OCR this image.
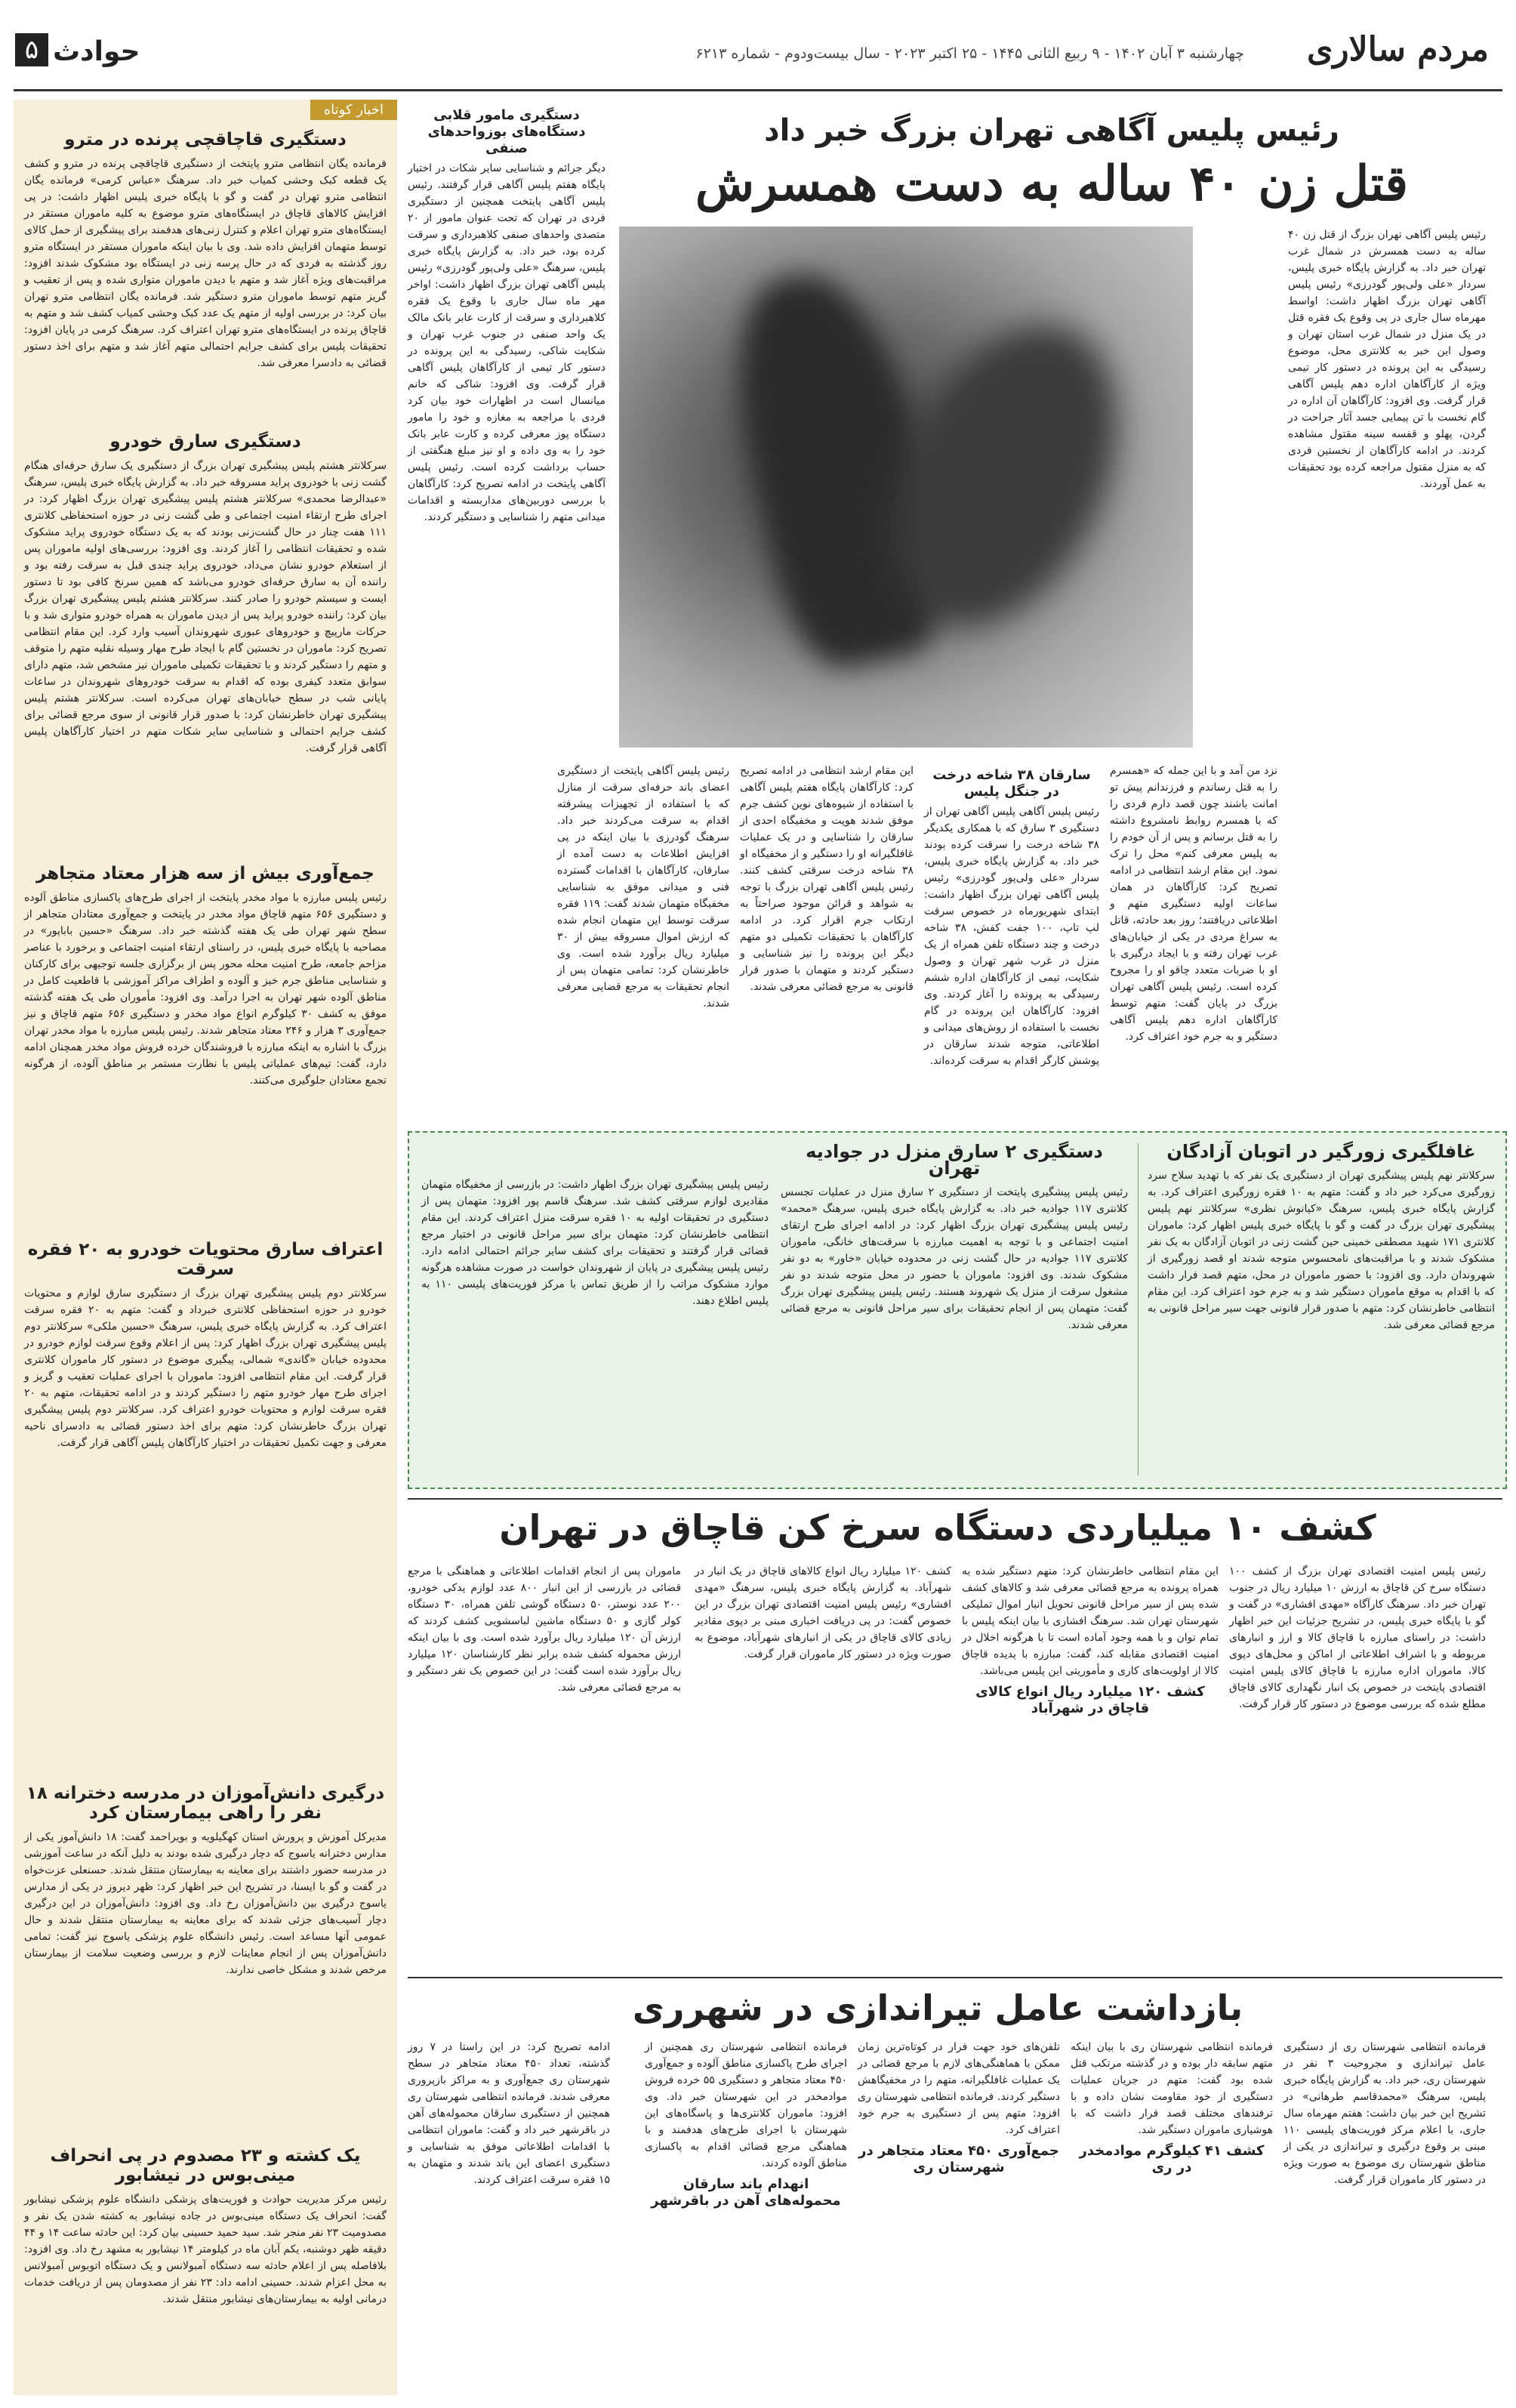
مردم سالاری
چهارشنبه ۳ آبان ۱۴۰۲ - ۹ ربیع الثانی ۱۴۴۵ - ۲۵ اکتبر ۲۰۲۳ - سال بیست‌ودوم - شماره ۶۲۱۳
حوادث
۵
اخبار کوتاه
دستگیری قاچاقچی پرنده در مترو
فرمانده یگان انتظامی مترو پایتخت از دستگیری قاچاقچی پرنده در مترو و کشف یک قطعه کبک وحشی کمیاب خبر داد. سرهنگ «عباس کرمی» فرمانده یگان انتظامی مترو تهران در گفت و گو با پایگاه خبری پلیس اظهار داشت: در پی افزایش کالاهای قاچاق در ایستگاه‌های مترو موضوع به کلیه ماموران مستقر در ایستگاه‌های مترو تهران اعلام و کنترل زنی‌های هدفمند برای پیشگیری از حمل کالای توسط متهمان افزایش داده شد. وی با بیان اینکه ماموران مستقر در ایستگاه مترو روز گذشته به فردی که در حال پرسه زنی در ایستگاه بود مشکوک شدند افزود: مراقبت‌های ویژه آغاز شد و متهم با دیدن ماموران متواری شده و پس از تعقیب و گریز متهم توسط ماموران مترو دستگیر شد. فرمانده یگان انتظامی مترو تهران بیان کرد: در بررسی اولیه از متهم یک عدد کبک وحشی کمیاب کشف شد و متهم به قاچاق پرنده در ایستگاه‌های مترو تهران اعتراف کرد. سرهنگ کرمی در پایان افزود: تحقیقات پلیس برای کشف جرایم احتمالی متهم آغاز شد و متهم برای اخذ دستور قضائی به دادسرا معرفی شد.
دستگیری سارق خودرو
سرکلانتر هشتم پلیس پیشگیری تهران بزرگ از دستگیری یک سارق حرفه‌ای هنگام گشت زنی با خودروی پراید مسروقه خبر داد. به گزارش پایگاه خبری پلیس، سرهنگ «عبدالرضا محمدی» سرکلانتر هشتم پلیس پیشگیری تهران بزرگ اظهار کرد: در اجرای طرح ارتقاء امنیت اجتماعی و طی گشت زنی در حوزه استحفاظی کلانتری ۱۱۱ هفت چنار در حال گشت‌زنی بودند که به یک دستگاه خودروی پراید مشکوک شده و تحقیقات انتظامی را آغاز کردند. وی افزود: بررسی‌های اولیه ماموران پس از استعلام خودرو نشان می‌داد، خودروی پراید چندی قبل به سرقت رفته بود و راننده آن به سارق حرفه‌ای خودرو می‌باشد که همین سرنخ کافی بود تا دستور ایست و سیستم خودرو را صادر کنند. سرکلانتر هشتم پلیس پیشگیری تهران بزرگ بیان کرد: راننده خودرو پراید پس از دیدن ماموران به همراه خودرو متواری شد و با حرکات مارپیچ و خودروهای عبوری شهروندان آسیب وارد کرد. این مقام انتظامی تصریح کرد: ماموران در نخستین گام با ایجاد طرح مهار وسیله نقلیه متهم را متوقف و متهم را دستگیر کردند و با تحقیقات تکمیلی ماموران نیز مشخص شد، متهم دارای سوابق متعدد کیفری بوده که اقدام به سرقت خودروهای شهروندان در ساعات پایانی شب در سطح خیابان‌های تهران می‌کرده است. سرکلانتر هشتم پلیس پیشگیری تهران خاطرنشان کرد: با صدور قرار قانونی از سوی مرجع قضائی برای کشف جرایم احتمالی و شناسایی سایر شکات متهم در اختیار کارآگاهان پلیس آگاهی قرار گرفت.
جمع‌آوری بیش از سه هزار معتاد متجاهر
رئیس پلیس مبارزه با مواد مخدر پایتخت از اجرای طرح‌های پاکسازی مناطق آلوده و دستگیری ۶۵۶ متهم قاچاق مواد مخدر در پایتخت و جمع‌آوری معتادان متجاهر از سطح شهر تهران طی یک هفته گذشته خبر داد. سرهنگ «حسین باباپور» در مصاحبه با پایگاه خبری پلیس، در راستای ارتقاء امنیت اجتماعی و برخورد با عناصر مزاحم جامعه، طرح امنیت محله محور پس از برگزاری جلسه توجیهی برای کارکنان و شناسایی مناطق جرم خیز و آلوده و اطراف مراکز آموزشی با قاطعیت کامل در مناطق آلوده شهر تهران به اجرا درآمد. وی افزود: مأموران طی یک هفته گذشته موفق به کشف ۳۰ کیلوگرم انواع مواد مخدر و دستگیری ۶۵۶ متهم قاچاق و نیز جمع‌آوری ۳ هزار و ۲۴۶ معتاد متجاهر شدند. رئیس پلیس مبارزه با مواد مخدر تهران بزرگ با اشاره به اینکه مبارزه با فروشندگان خرده فروش مواد مخدر همچنان ادامه دارد، گفت: تیم‌های عملیاتی پلیس با نظارت مستمر بر مناطق آلوده، از هرگونه تجمع معتادان جلوگیری می‌کنند.
اعتراف سارق محتویات خودرو به ۲۰ فقره سرقت
سرکلانتر دوم پلیس پیشگیری تهران بزرگ از دستگیری سارق لوازم و محتویات خودرو در حوزه استحفاظی کلانتری خبرداد و گفت: متهم به ۲۰ فقره سرقت اعتراف کرد. به گزارش پایگاه خبری پلیس، سرهنگ «حسین ملکی» سرکلانتر دوم پلیس پیشگیری تهران بزرگ اظهار کرد: پس از اعلام وقوع سرقت لوازم خودرو در محدوده خیابان «گاندی» شمالی، پیگیری موضوع در دستور کار ماموران کلانتری قرار گرفت. این مقام انتظامی افزود: ماموران با اجرای عملیات تعقیب و گریز و اجرای طرح مهار خودرو متهم را دستگیر کردند و در ادامه تحقیقات، متهم به ۲۰ فقره سرقت لوازم و محتویات خودرو اعتراف کرد. سرکلانتر دوم پلیس پیشگیری تهران بزرگ خاطرنشان کرد: متهم برای اخذ دستور قضائی به دادسرای ناحیه معرفی و جهت تکمیل تحقیقات در اختیار کارآگاهان پلیس آگاهی قرار گرفت.
درگیری دانش‌آموزان در مدرسه دخترانه ۱۸ نفر را راهی بیمارستان کرد
مدیرکل آموزش و پرورش استان کهگیلویه و بویراحمد گفت: ۱۸ دانش‌آموز یکی از مدارس دخترانه یاسوج که دچار درگیری شده بودند به دلیل آنکه در ساعت آموزشی در مدرسه حضور داشتند برای معاینه به بیمارستان منتقل شدند. حسنعلی عزت‌خواه در گفت و گو با ایسنا، در تشریح این خبر اظهار کرد: ظهر دیروز در یکی از مدارس یاسوج درگیری بین دانش‌آموزان رخ داد. وی افزود: دانش‌آموزان در این درگیری دچار آسیب‌های جزئی شدند که برای معاینه به بیمارستان منتقل شدند و حال عمومی آنها مساعد است. رئیس دانشگاه علوم پزشکی یاسوج نیز گفت: تمامی دانش‌آموزان پس از انجام معاینات لازم و بررسی وضعیت سلامت از بیمارستان مرخص شدند و مشکل خاصی ندارند.
یک کشته و ۲۳ مصدوم در پی انحراف مینی‌بوس در نیشابور
رئیس مرکز مدیریت حوادث و فوریت‌های پزشکی دانشگاه علوم پزشکی نیشابور گفت: انحراف یک دستگاه مینی‌بوس در جاده نیشابور به کشته شدن یک نفر و مصدومیت ۲۳ نفر منجر شد. سید حمید حسینی بیان کرد: این حادثه ساعت ۱۴ و ۴۴ دقیقه ظهر دوشنبه، یکم آبان ماه در کیلومتر ۱۴ نیشابور به مشهد رخ داد. وی افزود: بلافاصله پس از اعلام حادثه سه دستگاه آمبولانس و یک دستگاه اتوبوس آمبولانس به محل اعزام شدند. حسینی ادامه داد: ۲۳ نفر از مصدومان پس از دریافت خدمات درمانی اولیه به بیمارستان‌های نیشابور منتقل شدند.
رئیس پلیس آگاهی تهران بزرگ خبر داد
قتل زن ۴۰ ساله به دست همسرش
رئیس پلیس آگاهی تهران بزرگ از قتل زن ۴۰ ساله به دست همسرش در شمال غرب تهران خبر داد. به گزارش پایگاه خبری پلیس، سردار «علی ولی‌پور گودرزی» رئیس پلیس آگاهی تهران بزرگ اظهار داشت: اواسط مهرماه سال جاری در پی وقوع یک فقره قتل در یک منزل در شمال غرب استان تهران و وصول این خبر به کلانتری محل، موضوع رسیدگی به این پرونده در دستور کار تیمی ویژه از کارآگاهان اداره دهم پلیس آگاهی قرار گرفت. وی افزود: کارآگاهان آن اداره در گام نخست با تن پیمایی جسد آثار جراحت در گردن، پهلو و قفسه سینه مقتول مشاهده کردند. در ادامه کارآگاهان از نخستین فردی که به منزل مقتول مراجعه کرده بود تحقیقات به عمل آوردند.
نزد من آمد و با این جمله که «همسرم را به قتل رساندم و فرزندانم پیش تو امانت باشند چون قصد دارم فردی را که با همسرم روابط نامشروع داشته را به قتل برسانم و پس از آن خودم را به پلیس معرفی کنم» محل را ترک نمود. این مقام ارشد انتظامی در ادامه تصریح کرد: کارآگاهان در همان ساعات اولیه دستگیری متهم و اطلاعاتی دریافتند؛ روز بعد حادثه، قاتل به سراغ مردی در یکی از خیابان‌های غرب تهران رفته و با ایجاد درگیری با او با ضربات متعدد چاقو او را مجروح کرده است. رئیس پلیس آگاهی تهران بزرگ در پایان گفت: متهم توسط کارآگاهان اداره دهم پلیس آگاهی دستگیر و به جرم خود اعتراف کرد.
سارقان ۳۸ شاخه درخت در جنگل پلیس
رئیس پلیس آگاهی پلیس آگاهی تهران از دستگیری ۳ سارق که با همکاری یکدیگر ۳۸ شاخه درخت را سرقت کرده بودند خبر داد. به گزارش پایگاه خبری پلیس، سردار «علی ولی‌پور گودرزی» رئیس پلیس آگاهی تهران بزرگ اظهار داشت: ابتدای شهریورماه در خصوص سرقت لپ تاپ، ۱۰۰ جفت کفش، ۳۸ شاخه درخت و چند دستگاه تلفن همراه از یک منزل در غرب شهر تهران و وصول شکایت، تیمی از کارآگاهان اداره ششم رسیدگی به پرونده را آغاز کردند. وی افزود: کارآگاهان این پرونده در گام نخست با استفاده از روش‌های میدانی و اطلاعاتی، متوجه شدند سارقان در پوشش کارگر اقدام به سرقت کرده‌اند.
این مقام ارشد انتظامی در ادامه تصریح کرد: کارآگاهان پایگاه هفتم پلیس آگاهی با استفاده از شیوه‌های نوین کشف جرم موفق شدند هویت و مخفیگاه احدی از سارقان را شناسایی و در یک عملیات غافلگیرانه او را دستگیر و از مخفیگاه او ۳۸ شاخه درخت سرقتی کشف کنند. رئیس پلیس آگاهی تهران بزرگ با توجه به شواهد و قرائن موجود صراحتاً به ارتکاب جرم اقرار کرد. در ادامه کارآگاهان با تحقیقات تکمیلی دو متهم دیگر این پرونده را نیز شناسایی و دستگیر کردند و متهمان با صدور قرار قانونی به مرجع قضائی معرفی شدند.
رئیس پلیس آگاهی پایتخت از دستگیری اعضای باند حرفه‌ای سرقت از منازل که با استفاده از تجهیزات پیشرفته اقدام به سرقت می‌کردند خبر داد. سرهنگ گودرزی با بیان اینکه در پی افزایش اطلاعات به دست آمده از سارقان، کارآگاهان با اقدامات گسترده فنی و میدانی موفق به شناسایی مخفیگاه متهمان شدند گفت: ۱۱۹ فقره سرقت توسط این متهمان انجام شده که ارزش اموال مسروقه بیش از ۳۰ میلیارد ریال برآورد شده است. وی خاطرنشان کرد: تمامی متهمان پس از انجام تحقیقات به مرجع قضایی معرفی شدند.
دستگیری مامور قلابی دستگاه‌های بوزواحدهای صنفی
دیگر جرائم و شناسایی سایر شکات در اختیار پایگاه هفتم پلیس آگاهی قرار گرفتند. رئیس پلیس آگاهی پایتخت همچنین از دستگیری فردی در تهران که تحت عنوان مامور از ۲۰ متصدی واحدهای صنفی کلاهبرداری و سرقت کرده بود، خبر داد. به گزارش پایگاه خبری پلیس، سرهنگ «علی ولی‌پور گودرزی» رئیس پلیس آگاهی تهران بزرگ اظهار داشت: اواخر مهر ماه سال جاری با وقوع یک فقره کلاهبرداری و سرقت از کارت عابر بانک مالک یک واحد صنفی در جنوب غرب تهران و شکایت شاکی، رسیدگی به این پرونده در دستور کار تیمی از کارآگاهان پلیس آگاهی قرار گرفت. وی افزود: شاکی که خانم میانسال است در اظهارات خود بیان کرد فردی با مراجعه به مغازه و خود را مامور دستگاه پوز معرفی کرده و کارت عابر بانک خود را به وی داده و او نیز مبلغ هنگفتی از حساب برداشت کرده است. رئیس پلیس آگاهی پایتخت در ادامه تصریح کرد: کارآگاهان با بررسی دوربین‌های مداربسته و اقدامات میدانی متهم را شناسایی و دستگیر کردند.
غافلگیری زورگیر در اتوبان آزادگان
سرکلانتر نهم پلیس پیشگیری تهران از دستگیری یک نفر که با تهدید سلاح سرد زورگیری می‌کرد خبر داد و گفت: متهم به ۱۰ فقره زورگیری اعتراف کرد. به گزارش پایگاه خبری پلیس، سرهنگ «کیانوش نظری» سرکلانتر نهم پلیس پیشگیری تهران بزرگ در گفت و گو با پایگاه خبری پلیس اظهار کرد: ماموران کلانتری ۱۷۱ شهید مصطفی خمینی حین گشت زنی در اتوبان آزادگان به یک نفر مشکوک شدند و با مراقبت‌های نامحسوس متوجه شدند او قصد زورگیری از شهروندان دارد. وی افزود: با حضور ماموران در محل، متهم قصد فرار داشت که با اقدام به موقع ماموران دستگیر شد و به جرم خود اعتراف کرد. این مقام انتظامی خاطرنشان کرد: متهم با صدور قرار قانونی جهت سیر مراحل قانونی به مرجع قضائی معرفی شد.
دستگیری ۲ سارق منزل در جوادیه تهران
رئیس پلیس پیشگیری پایتخت از دستگیری ۲ سارق منزل در عملیات تجسس کلانتری ۱۱۷ جواد‌یه خبر داد. به گزارش پایگاه خبری پلیس، سرهنگ «محمد» رئیس پلیس پیشگیری تهران بزرگ اظهار کرد: در ادامه اجرای طرح ارتقای امنیت اجتماعی و با توجه به اهمیت مبارزه با سرقت‌های خانگی، ماموران کلانتری ۱۱۷ جواد‌یه در حال گشت زنی در محدوده خیابان «خاور» به دو نفر مشکوک شدند. وی افزود: ماموران با حضور در محل متوجه شدند دو نفر مشغول سرقت از منزل یک شهروند هستند. رئیس پلیس پیشگیری تهران بزرگ گفت: متهمان پس از انجام تحقیقات برای سیر مراحل قانونی به مرجع قضائی معرفی شدند.
رئیس پلیس پیشگیری تهران بزرگ اظهار داشت: در بازرسی از مخفیگاه متهمان مقادیری لوازم سرقتی کشف شد. سرهنگ قاسم پور افزود: متهمان پس از دستگیری در تحقیقات اولیه به ۱۰ فقره سرقت منزل اعتراف کردند. این مقام انتظامی خاطرنشان کرد: متهمان برای سیر مراحل قانونی در اختیار مرجع قضائی قرار گرفتند و تحقیقات برای کشف سایر جرائم احتمالی ادامه دارد. رئیس پلیس پیشگیری در پایان از شهروندان خواست در صورت مشاهده هرگونه موارد مشکوک مراتب را از طریق تماس با مرکز فوریت‌های پلیسی ۱۱۰ به پلیس اطلاع دهند.
کشف ۱۰ میلیاردی دستگاه سرخ کن قاچاق در تهران
رئیس پلیس امنیت اقتصادی تهران بزرگ از کشف ۱۰۰ دستگاه سرخ کن قاچاق به ارزش ۱۰ میلیارد ریال در جنوب تهران خبر داد. سرهنگ کارآگاه «مهدی افشاری» در گفت و گو با پایگاه خبری پلیس، در تشریح جزئیات این خبر اظهار داشت: در راستای مبارزه با قاچاق کالا و ارز و انبارهای مربوطه و با اشراف اطلاعاتی از اماکن و محل‌های دپوی کالا، ماموران اداره مبارزه با قاچاق کالای پلیس امنیت اقتصادی پایتخت در خصوص یک انبار نگهداری کالای قاچاق مطلع شده که بررسی موضوع در دستور کار قرار گرفت.
این مقام انتظامی خاطرنشان کرد: متهم دستگیر شده به همراه پرونده به مرجع قضائی معرفی شد و کالاهای کشف شده پس از سیر مراحل قانونی تحویل انبار اموال تملیکی شهرستان تهران شد. سرهنگ افشاری با بیان اینکه پلیس با تمام توان و با همه وجود آماده است تا با هرگونه اخلال در امنیت اقتصادی مقابله کند، گفت: مبارزه با پدیده قاچاق کالا از اولویت‌های کاری و مأموریتی این پلیس می‌باشد.
کشف ۱۲۰ میلیارد ریال انواع کالای قاچاق در شهرآباد
کشف ۱۲۰ میلیارد ریال انواع کالاهای قاچاق در یک انبار در شهرآباد. به گزارش پایگاه خبری پلیس، سرهنگ «مهدی افشاری» رئیس پلیس امنیت اقتصادی تهران بزرگ در این خصوص گفت: در پی دریافت اخباری مبنی بر دپوی مقادیر زیادی کالای قاچاق در یکی از انبارهای شهرآباد، موضوع به صورت ویژه در دستور کار ماموران قرار گرفت.
ماموران پس از انجام اقدامات اطلاعاتی و هماهنگی با مرجع قضائی در بازرسی از این انبار ۸۰۰ عدد لوازم یدکی خودرو، ۲۰۰ عدد نوستر، ۵۰ دستگاه گوشی تلفن همراه، ۳۰ دستگاه کولر گازی و ۵۰ دستگاه ماشین لباسشویی کشف کردند که ارزش آن ۱۲۰ میلیارد ریال برآورد شده است. وی با بیان اینکه ارزش محموله کشف شده برابر نظر کارشناسان ۱۲۰ میلیارد ریال برآورد شده است گفت: در این خصوص یک نفر دستگیر و به مرجع قضائی معرفی شد.
بازداشت عامل تیراندازی در شهرری
فرمانده انتظامی شهرستان ری از دستگیری عامل تیراندازی و مجروحیت ۳ نفر در شهرستان ری، خبر داد. به گزارش پایگاه خبری پلیس، سرهنگ «محمدقاسم طرهانی» در تشریح این خبر بیان داشت: هفتم مهرماه سال جاری، با اعلام مرکز فوریت‌های پلیسی ۱۱۰ مبنی بر وقوع درگیری و تیراندازی در یکی از مناطق شهرستان ری موضوع به صورت ویژه در دستور کار ماموران قرار گرفت.
فرمانده انتظامی شهرستان ری با بیان اینکه متهم سابقه دار بوده و در گذشته مرتکب قتل شده بود گفت: متهم در جریان عملیات دستگیری از خود مقاومت نشان داده و با ترفندهای مختلف قصد فرار داشت که با هوشیاری ماموران دستگیر شد.
کشف ۴۱ کیلوگرم موادمخدر در ری
تلفن‌های خود جهت فرار در کوتاه‌ترین زمان ممکن با هماهنگی‌های لازم با مرجع قضائی در یک عملیات غافلگیرانه، متهم را در مخفیگاهش دستگیر کردند. فرمانده انتظامی شهرستان ری افزود: متهم پس از دستگیری به جرم خود اعتراف کرد.
جمع‌آوری ۴۵۰ معتاد متجاهر در شهرستان ری
فرمانده انتظامی شهرستان ری همچنین از اجرای طرح پاکسازی مناطق آلوده و جمع‌آوری ۴۵۰ معتاد متجاهر و دستگیری ۵۵ خرده فروش موادمخدر در این شهرستان خبر داد. وی افزود: ماموران کلانتری‌ها و پاسگاه‌های این شهرستان با اجرای طرح‌های هدفمند و با هماهنگی مرجع قضائی اقدام به پاکسازی مناطق آلوده کردند.
انهدام باند سارقان محموله‌های آهن در باقرشهر
ادامه تصریح کرد: در این راستا در ۷ روز گذشته، تعداد ۴۵۰ معتاد متجاهر در سطح شهرستان ری جمع‌آوری و به مراکز بازپروری معرفی شدند. فرمانده انتظامی شهرستان ری همچنین از دستگیری سارقان محموله‌های آهن در باقرشهر خبر داد و گفت: ماموران انتظامی با اقدامات اطلاعاتی موفق به شناسایی و دستگیری اعضای این باند شدند و متهمان به ۱۵ فقره سرقت اعتراف کردند.
